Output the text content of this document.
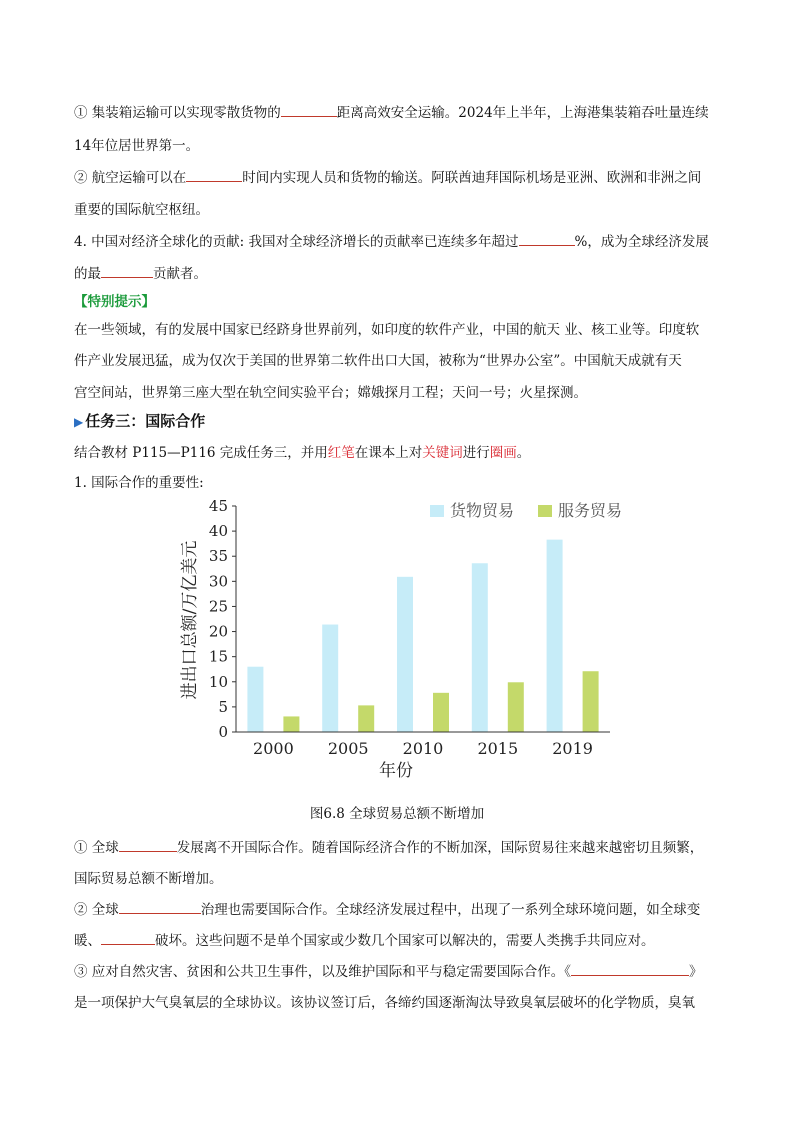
① 集装箱运输可以实现零散货物的	距离高效安全运输。2024年上半年，上海港集装箱吞吐量连续
14年位居世界第一。
② 航空运输可以在	时间内实现人员和货物的输送。阿联酋迪拜国际机场是亚洲、欧洲和非洲之间
重要的国际航空枢纽。
4. 中国对经济全球化的贡献: 我国对全球经济增长的贡献率已连续多年超过	%，成为全球经济发展
的最	贡献者。
【特别提示】
在一些领域，有的发展中国家已经跻身世界前列，如印度的软件产业，中国的航天 业、核工业等。印度软
件产业发展迅猛，成为仅次于美国的世界第二软件出口大国，被称为“世界办公室”。中国航天成就有天
宫空间站，世界第三座大型在轨空间实验平台；嫦娥探月工程；天问一号；火星探测。
▶ 任务三：国际合作
结合教材 P115—P116 完成任务三，并用红笔在课本上对关键词进行圈画。
1. 国际合作的重要性:
0
5
10
15
20
25
30
35
40
45
2000 2005 2010 2015 2019
货物贸易	服务贸易
进出口总额/万亿美元
年份
图6.8 全球贸易总额不断增加
① 全球	发展离不开国际合作。随着国际经济合作的不断加深，国际贸易往来越来越密切且频繁，
国际贸易总额不断增加。
② 全球	治理也需要国际合作。全球经济发展过程中，出现了一系列全球环境问题，如全球变
暖、	破坏。这些问题不是单个国家或少数几个国家可以解决的，需要人类携手共同应对。
③ 应对自然灾害、贫困和公共卫生事件，以及维护国际和平与稳定需要国际合作。《	》
是一项保护大气臭氧层的全球协议。该协议签订后，各缔约国逐渐淘汰导致臭氧层破坏的化学物质，臭氧
